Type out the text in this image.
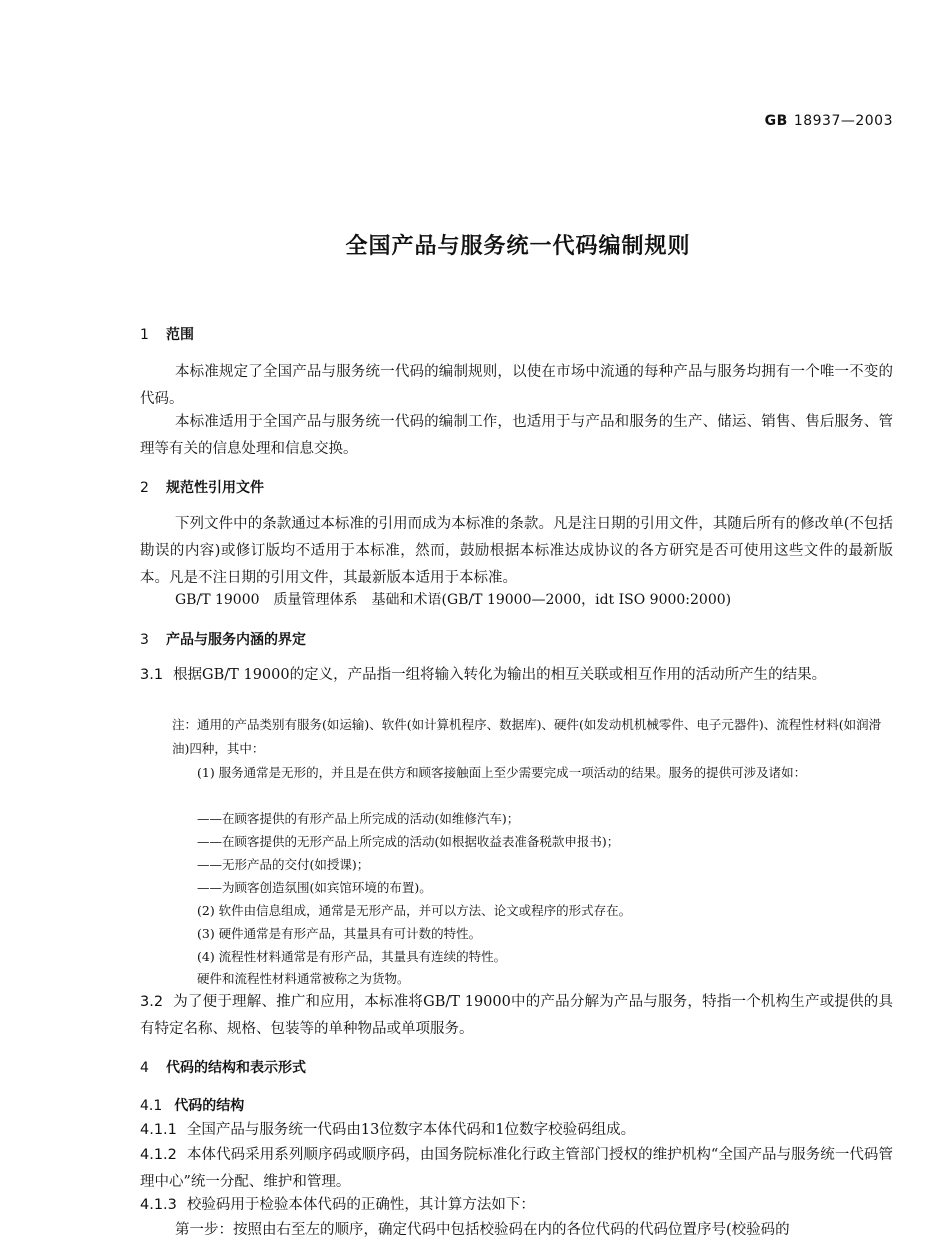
GB 18937—2003
全国产品与服务统一代码编制规则
1 范围
本标准规定了全国产品与服务统一代码的编制规则，以使在市场中流通的每种产品与服务均拥有一个唯一不变的代码。
本标准适用于全国产品与服务统一代码的编制工作，也适用于与产品和服务的生产、储运、销售、售后服务、管理等有关的信息处理和信息交换。
2 规范性引用文件
下列文件中的条款通过本标准的引用而成为本标准的条款。凡是注日期的引用文件，其随后所有的修改单(不包括勘误的内容)或修订版均不适用于本标准，然而，鼓励根据本标准达成协议的各方研究是否可使用这些文件的最新版本。凡是不注日期的引用文件，其最新版本适用于本标准。
GB/T 19000 质量管理体系 基础和术语(GB/T 19000—2000，idt ISO 9000:2000)
3 产品与服务内涵的界定
3.1 根据GB/T 19000的定义，产品指一组将输入转化为输出的相互关联或相互作用的活动所产生的结果。
注：通用的产品类别有服务(如运输)、软件(如计算机程序、数据库)、硬件(如发动机机械零件、电子元器件)、流程性材料(如润滑油)四种，其中：
(1) 服务通常是无形的，并且是在供方和顾客接触面上至少需要完成一项活动的结果。服务的提供可涉及诸如：
——在顾客提供的有形产品上所完成的活动(如维修汽车)；
——在顾客提供的无形产品上所完成的活动(如根据收益表准备税款申报书)；
——无形产品的交付(如授课)；
——为顾客创造氛围(如宾馆环境的布置)。
(2) 软件由信息组成，通常是无形产品，并可以方法、论文或程序的形式存在。
(3) 硬件通常是有形产品，其量具有可计数的特性。
(4) 流程性材料通常是有形产品，其量具有连续的特性。
硬件和流程性材料通常被称之为货物。
3.2 为了便于理解、推广和应用，本标准将GB/T 19000中的产品分解为产品与服务，特指一个机构生产或提供的具有特定名称、规格、包装等的单种物品或单项服务。
4 代码的结构和表示形式
4.1 代码的结构
4.1.1 全国产品与服务统一代码由13位数字本体代码和1位数字校验码组成。
4.1.2 本体代码采用系列顺序码或顺序码，由国务院标准化行政主管部门授权的维护机构“全国产品与服务统一代码管理中心”统一分配、维护和管理。
4.1.3 校验码用于检验本体代码的正确性，其计算方法如下：
第一步：按照由右至左的顺序，确定代码中包括校验码在内的各位代码的代码位置序号(校验码的
